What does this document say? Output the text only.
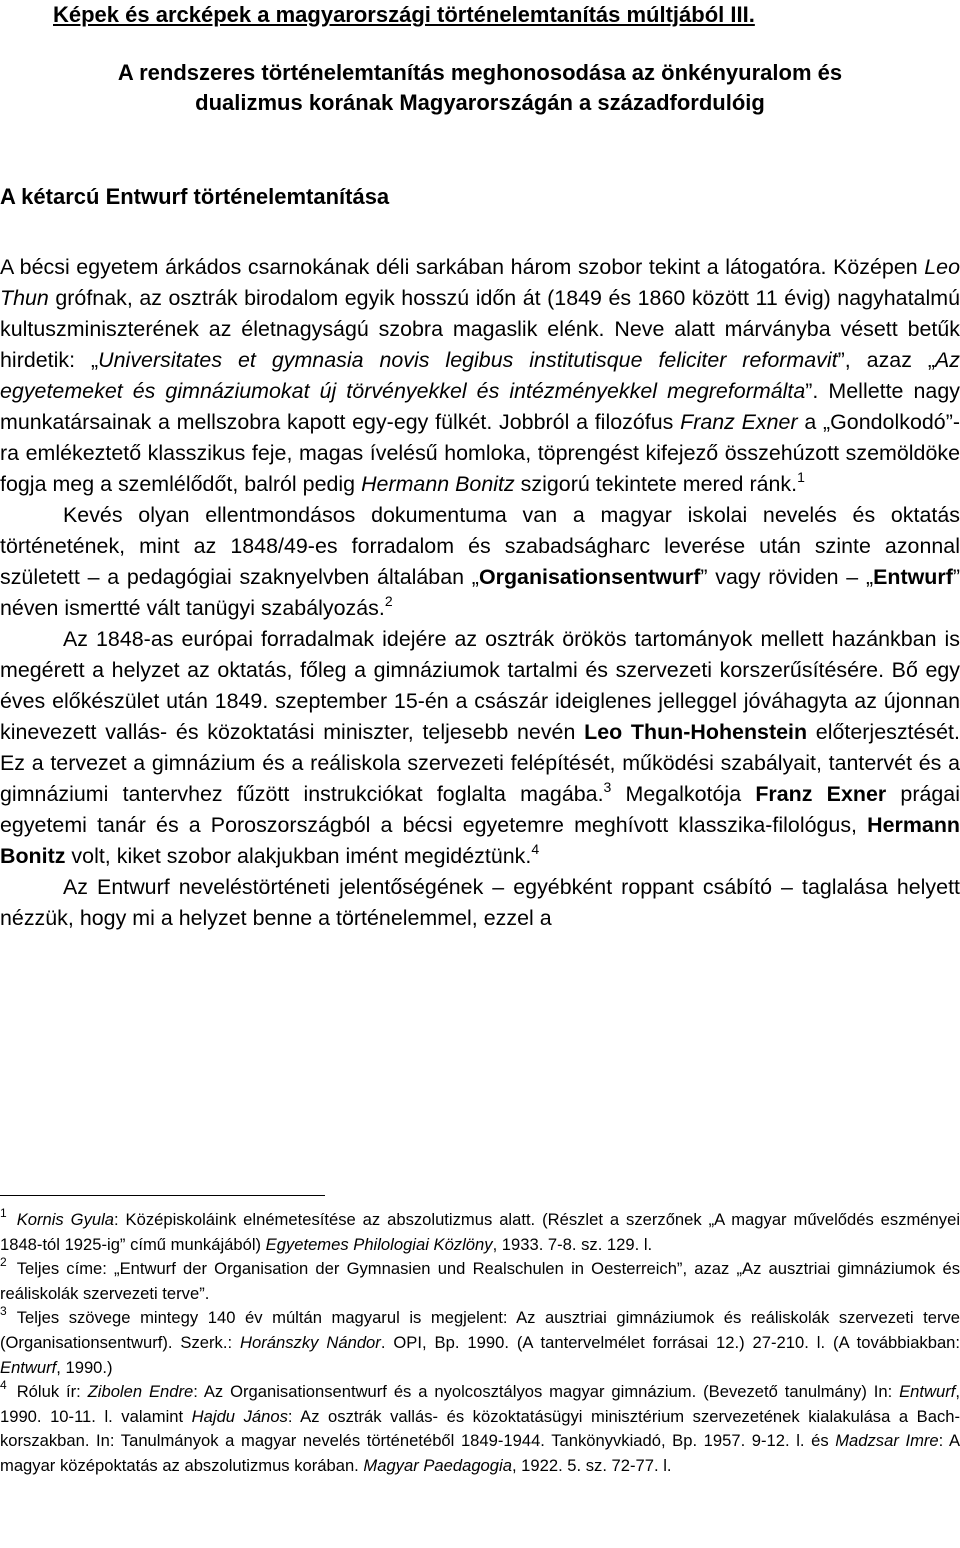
Képek és arcképek a magyarországi történelemtanítás múltjából III.
A rendszeres történelemtanítás meghonosodása az önkényuralom és
dualizmus korának Magyarországán a századfordulóig
A kétarcú Entwurf történelemtanítása

A bécsi egyetem árkádos csarnokának déli sarkában három szobor tekint a látogatóra. Középen Leo Thun grófnak, az osztrák birodalom egyik hosszú időn át (1849 és 1860 között 11 évig) nagyhatalmú kultuszminiszterének az életnagyságú szobra magaslik elénk. Neve alatt márványba vésett betűk hirdetik: „Universitates et gymnasia novis legibus institutisque feliciter reformavit”, azaz „Az egyetemeket és gimnáziumokat új törvényekkel és intézményekkel megreformálta”. Mellette nagy munkatársainak a mellszobra kapott egy-egy fülkét. Jobbról a filozófus Franz Exner a „Gondolkodó”-ra emlékeztető klasszikus feje, magas ívelésű homloka, töprengést kifejező összehúzott szemöldöke fogja meg a szemlélődőt, balról pedig Hermann Bonitz szigorú tekintete mered ránk.$^1$

Kevés olyan ellentmondásos dokumentuma van a magyar iskolai nevelés és oktatás történetének, mint az 1848/49-es forradalom és szabadságharc leverése után szinte azonnal született – a pedagógiai szaknyelvben általában „Organisationsentwurf” vagy röviden – „Entwurf” néven ismertté vált tanügyi szabályozás.$^2$

Az 1848-as európai forradalmak idejére az osztrák örökös tartományok mellett hazánkban is megérett a helyzet az oktatás, főleg a gimnáziumok tartalmi és szervezeti korszerűsítésére. Bő egy éves előkészület után 1849. szeptember 15-én a császár ideiglenes jelleggel jóváhagyta az újonnan kinevezett vallás- és közoktatási miniszter, teljesebb nevén Leo Thun-Hohenstein előterjesztését. Ez a tervezet a gimnázium és a reáliskola szervezeti felépítését, működési szabályait, tantervét és a gimnáziumi tantervhez fűzött instrukciókat foglalta magába.$^3$ Megalkotója Franz Exner prágai egyetemi tanár és a Poroszországból a bécsi egyetemre meghívott klasszika-filológus, Hermann Bonitz volt, kiket szobor alakjukban imént megidéztünk.$^4$

Az Entwurf neveléstörténeti jelentőségének – egyébként roppant csábító – taglalása helyett nézzük, hogy mi a helyzet benne a történelemmel, ezzel a

$^1$ Kornis Gyula: Középiskoláink elnémetesítése az abszolutizmus alatt. (Részlet a szerzőnek „A magyar művelődés eszményei 1848-tól 1925-ig” című munkájából) Egyetemes Philologiai Közlöny, 1933. 7-8. sz. 129. l.

$^2$ Teljes címe: „Entwurf der Organisation der Gymnasien und Realschulen in Oesterreich”, azaz „Az ausztriai gimnáziumok és reáliskolák szervezeti terve”.

$^3$ Teljes szövege mintegy 140 év múltán magyarul is megjelent: Az ausztriai gimnáziumok és reáliskolák szervezeti terve (Organisationsentwurf). Szerk.: Horánszky Nándor. OPI, Bp. 1990. (A tantervelmélet forrásai 12.) 27-210. l. (A továbbiakban: Entwurf, 1990.)

$^4$ Róluk ír: Zibolen Endre: Az Organisationsentwurf és a nyolcosztályos magyar gimnázium. (Bevezető tanulmány) In: Entwurf, 1990. 10-11. l. valamint Hajdu János: Az osztrák vallás- és közoktatásügyi minisztérium szervezetének kialakulása a Bach-korszakban. In: Tanulmányok a magyar nevelés történetéből 1849-1944. Tankönyvkiadó, Bp. 1957. 9-12. l. és Madzsar Imre: A magyar középoktatás az abszolutizmus korában. Magyar Paedagogia, 1922. 5. sz. 72-77. l.
